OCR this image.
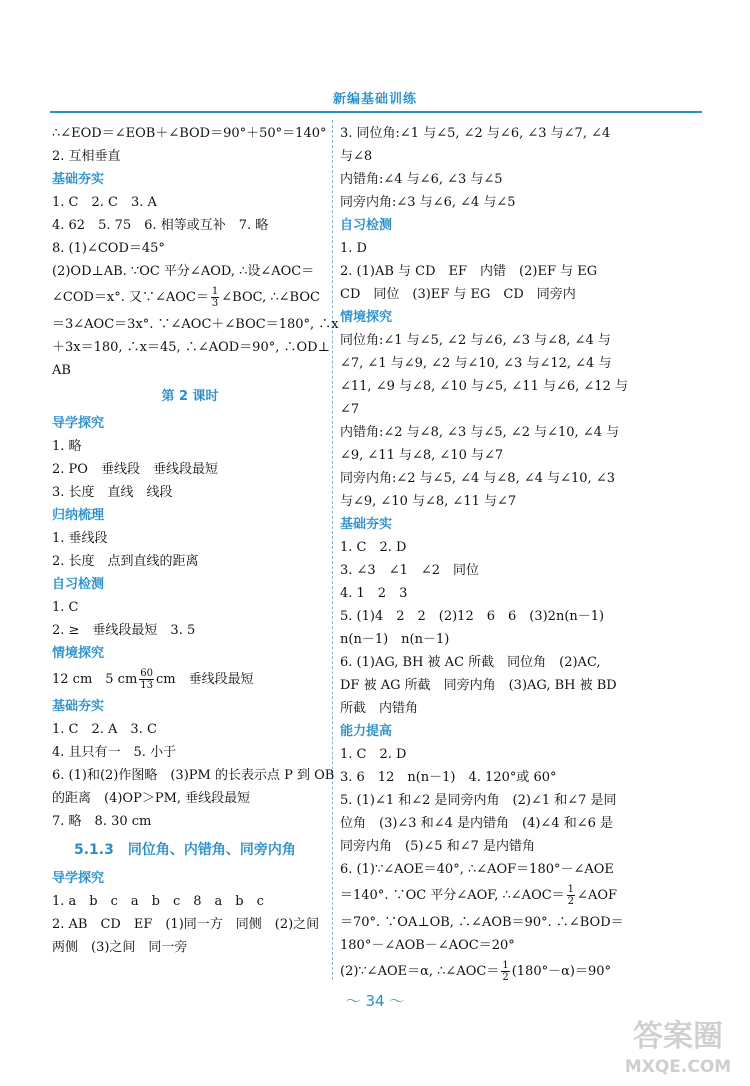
新编基础训练
∴∠EOD＝∠EOB＋∠BOD＝90°＋50°＝140°
2. 互相垂直
基础夯实
1. C　2. C　3. A
4. 62　5. 75　6. 相等或互补　7. 略
8. (1)∠COD＝45°
(2)OD⊥AB. ∵OC 平分∠AOD, ∴设∠AOC＝
∠COD＝x°. 又∵∠AOC＝ $\frac{1}{3}$ ∠BOC, ∴∠BOC
＝3∠AOC＝3x°. ∵∠AOC＋∠BOC＝180°, ∴x
＋3x＝180, ∴x＝45, ∴∠AOD＝90°, ∴OD⊥
AB
第 2 课时
导学探究
1. 略
2. PO　垂线段　垂线段最短
3. 长度　直线　线段
归纳梳理
1. 垂线段
2. 长度　点到直线的距离
自习检测
1. C
2. ≥　垂线段最短　3. 5
情境探究
12 cm　5 cm $\frac{60}{13}$ cm　垂线段最短
基础夯实
1. C　2. A　3. C
4. 且只有一　5. 小于
6. (1)和(2)作图略　(3)PM 的长表示点 P 到 OB
的距离　(4)OP＞PM, 垂线段最短
7. 略　8. 30 cm
5.1.3　同位角、内错角、同旁内角
导学探究
1. a　b　c　a　b　c　8　a　b　c
2. AB　CD　EF　(1)同一方　同侧　(2)之间
两侧　(3)之间　同一旁
3. 同位角:∠1 与∠5, ∠2 与∠6, ∠3 与∠7, ∠4
与∠8
内错角:∠4 与∠6, ∠3 与∠5
同旁内角:∠3 与∠6, ∠4 与∠5
自习检测
1. D
2. (1)AB 与 CD　EF　内错　(2)EF 与 EG
CD　同位　(3)EF 与 EG　CD　同旁内
情境探究
同位角:∠1 与∠5, ∠2 与∠6, ∠3 与∠8, ∠4 与
∠7, ∠1 与∠9, ∠2 与∠10, ∠3 与∠12, ∠4 与
∠11, ∠9 与∠8, ∠10 与∠5, ∠11 与∠6, ∠12 与
∠7
内错角:∠2 与∠8, ∠3 与∠5, ∠2 与∠10, ∠4 与
∠9, ∠11 与∠8, ∠10 与∠7
同旁内角:∠2 与∠5, ∠4 与∠8, ∠4 与∠10, ∠3
与∠9, ∠10 与∠8, ∠11 与∠7
基础夯实
1. C　2. D
3. ∠3　∠1　∠2　同位
4. 1　2　3
5. (1)4　2　2　(2)12　6　6　(3)2n(n－1)
n(n－1)　n(n－1)
6. (1)AG, BH 被 AC 所截　同位角　(2)AC,
DF 被 AG 所截　同旁内角　(3)AG, BH 被 BD
所截　内错角
能力提高
1. C　2. D
3. 6　12　n(n－1)　4. 120°或 60°
5. (1)∠1 和∠2 是同旁内角　(2)∠1 和∠7 是同
位角　(3)∠3 和∠4 是内错角　(4)∠4 和∠6 是
同旁内角　(5)∠5 和∠7 是内错角
6. (1)∵∠AOE＝40°, ∴∠AOF＝180°－∠AOE
＝140°. ∵OC 平分∠AOF, ∴∠AOC＝ $\frac{1}{2}$ ∠AOF
＝70°. ∵OA⊥OB, ∴∠AOB＝90°. ∴∠BOD＝
180°－∠AOB－∠AOC＝20°
(2)∵∠AOE＝α, ∴∠AOC＝ $\frac{1}{2} (180^\circ-\alpha)=90^\circ$
～ 34 ～
答案圈
MXQE.COM
